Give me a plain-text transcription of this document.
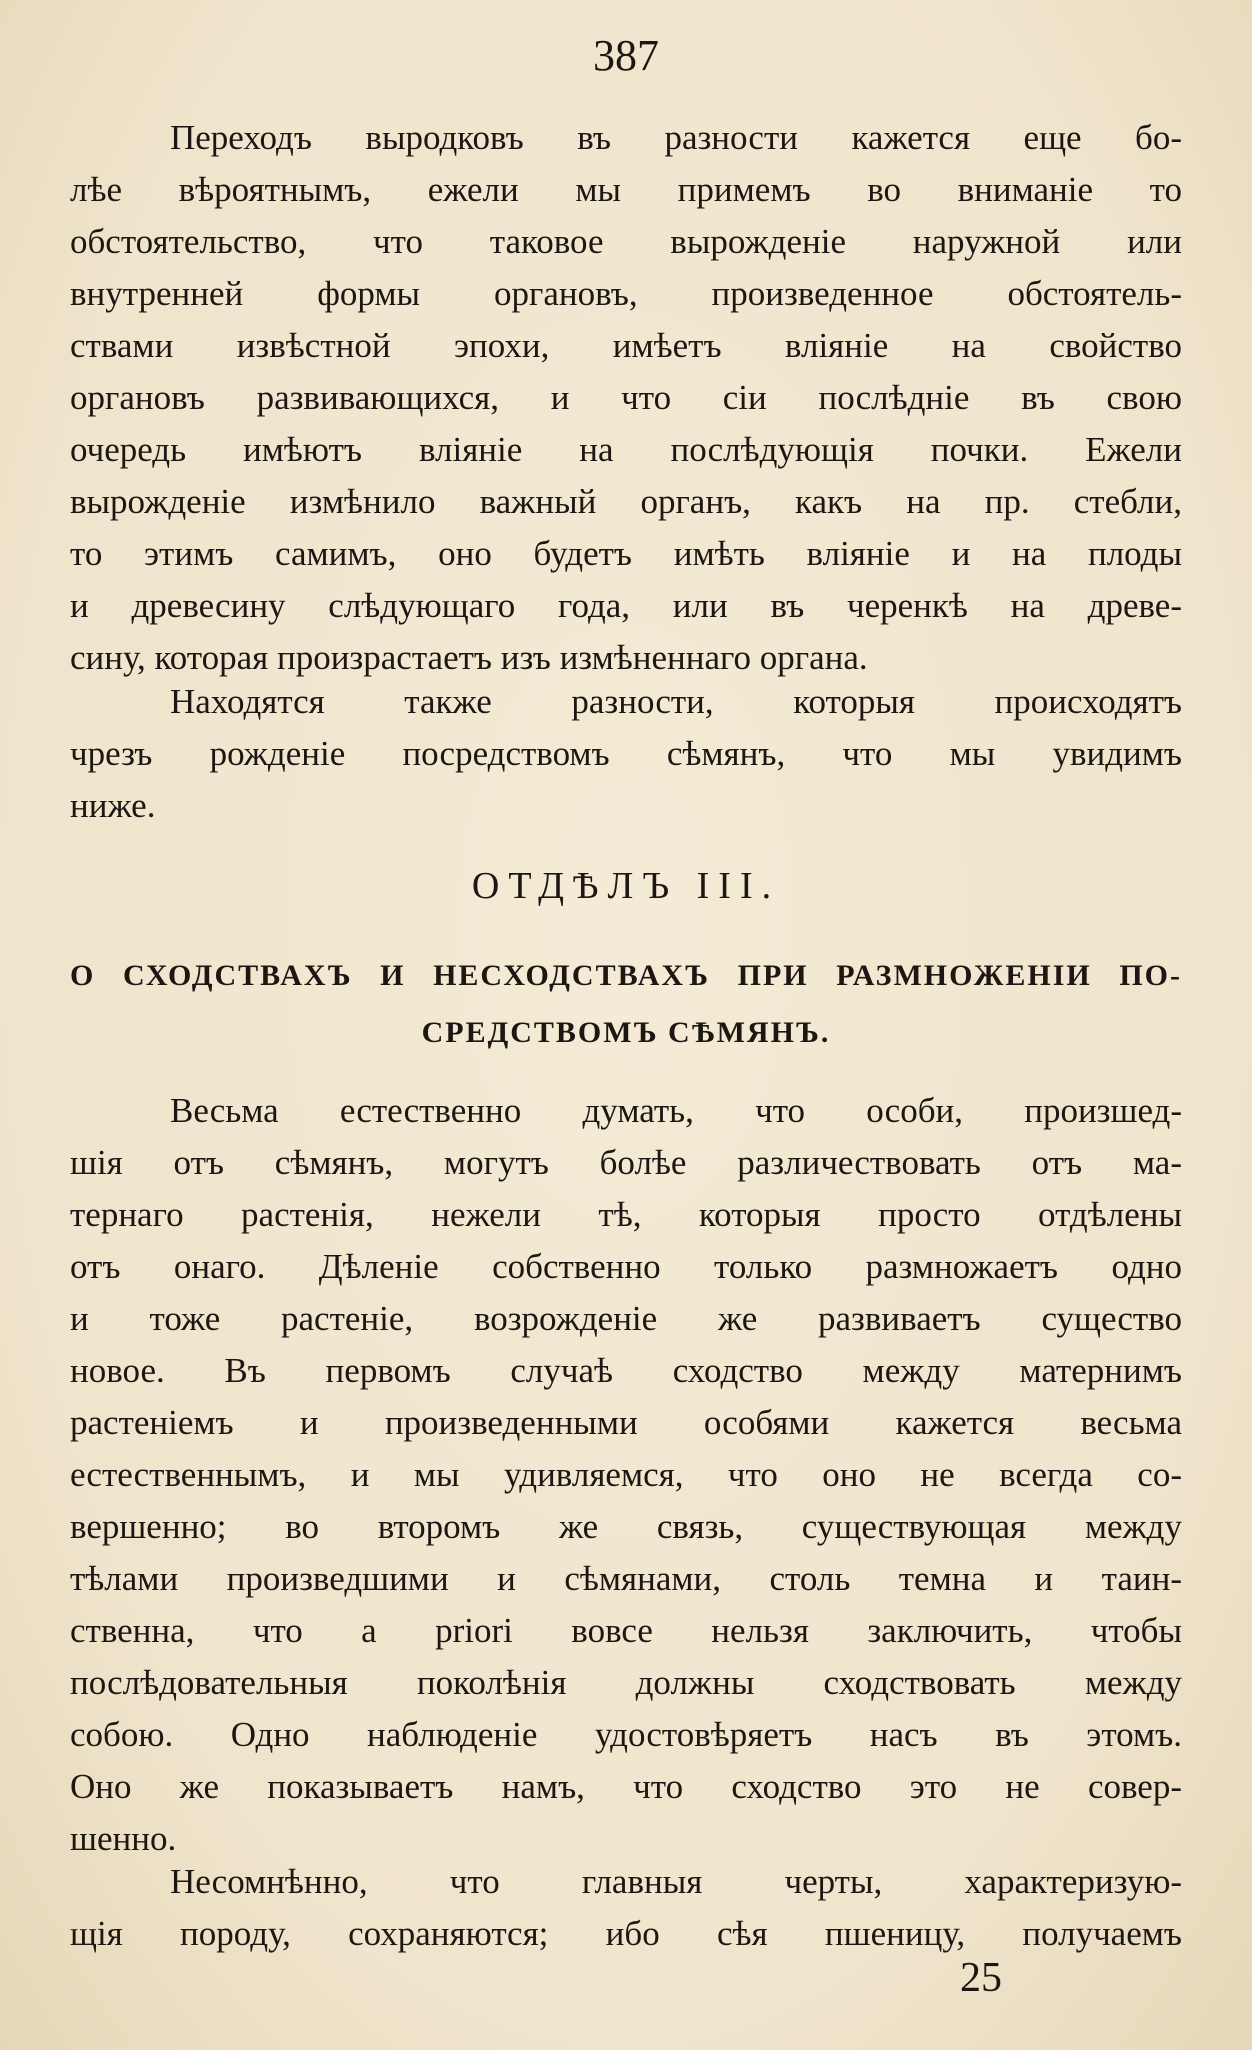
387
Переходъ выродковъ въ разности кажется еще бо-
лѣе вѣроятнымъ, ежели мы примемъ во вниманiе то
обстоятельство, что таковое вырожденiе наружной или
внутренней формы органовъ, произведенное обстоятель-
ствами извѣстной эпохи, имѣетъ влiянiе на свойство
органовъ развивающихся, и что сiи послѣднiе въ свою
очередь имѣютъ влiянiе на послѣдующiя почки. Ежели
вырожденiе измѣнило важный органъ, какъ на пр. стебли,
то этимъ самимъ, оно будетъ имѣть влiянiе и на плоды
и древесину слѣдующаго года, или въ черенкѣ на древе-
сину, которая произрастаетъ изъ измѣненнаго органа.
Находятся также разности, которыя происходятъ
чрезъ рожденiе посредствомъ сѣмянъ, что мы увидимъ
ниже.
ОТДѢЛЪ III.
О СХОДСТВАХЪ И НЕСХОДСТВАХЪ ПРИ РАЗМНОЖЕНIИ ПО-
СРЕДСТВОМЪ СѢМЯНЪ.
Весьма естественно думать, что особи, произшед-
шiя отъ сѣмянъ, могутъ болѣе различествовать отъ ма-
тернаго растенiя, нежели тѣ, которыя просто отдѣлены
отъ онаго. Дѣленiе собственно только размножаетъ одно
и тоже растенiе, возрожденiе же развиваетъ существо
новое. Въ первомъ случаѣ сходство между матернимъ
растенiемъ и произведенными особями кажется весьма
естественнымъ, и мы удивляемся, что оно не всегда со-
вершенно; во второмъ же связь, существующая между
тѣлами произведшими и сѣмянами, столь темна и таин-
ственна, что a priori вовсе нельзя заключить, чтобы
послѣдовательныя поколѣнiя должны сходствовать между
собою. Одно наблюденiе удостовѣряетъ насъ въ этомъ.
Оно же показываетъ намъ, что сходство это не совер-
шенно.
Несомнѣнно, что главныя черты, характеризую-
щiя породу, сохраняются; ибо сѣя пшеницу, получаемъ
25
